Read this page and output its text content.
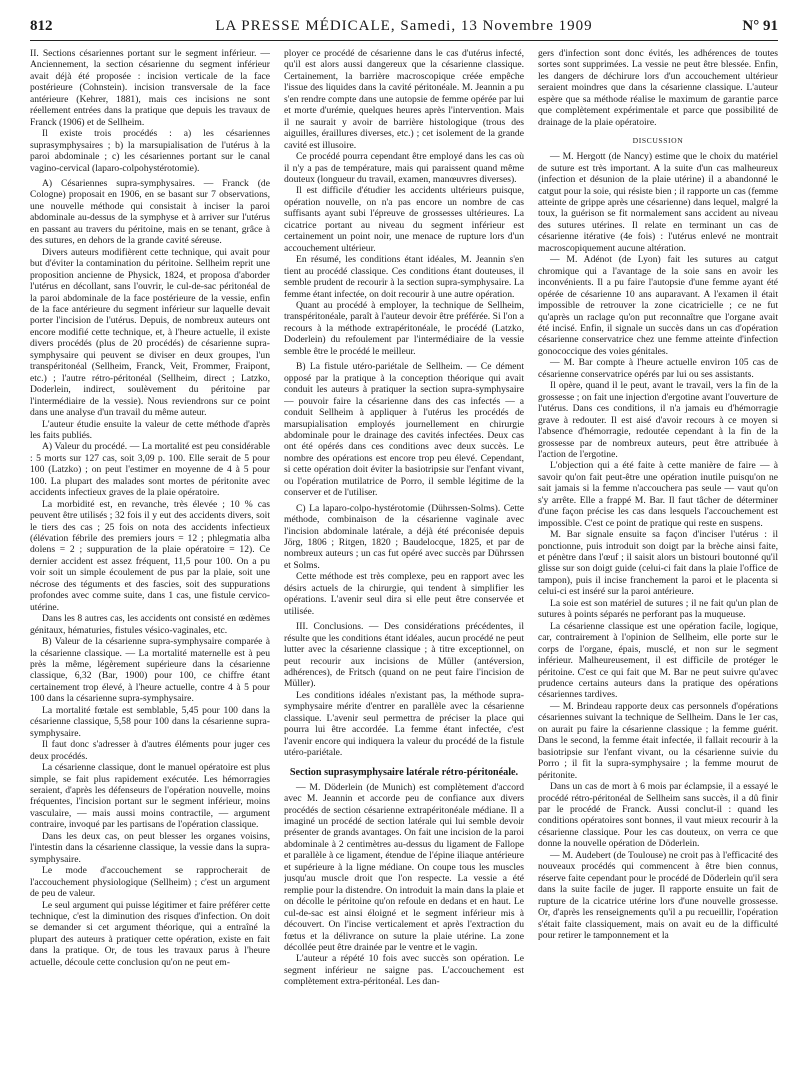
812	LA PRESSE MÉDICALE, Samedi, 13 Novembre 1909	N° 91

II. Sections césariennes portant sur le segment inférieur. — Anciennement, la section césarienne du segment inférieur avait déjà été proposée : incision verticale de la face postérieure (Cohnstein). incision transversale de la face antérieure (Kehrer, 1881), mais ces incisions ne sont réellement entrées dans la pratique que depuis les travaux de Franck (1906) et de Sellheim.

Il existe trois procédés : a) les césariennes suprasymphysaires ; b) la marsupialisation de l'utérus à la paroi abdominale ; c) les césariennes portant sur le canal vagino-cervical (laparo-colpohystérotomie).

A) Césariennes supra-symphysaires. — Franck (de Cologne) proposait en 1906, en se basant sur 7 observations, une nouvelle méthode qui consistait à inciser la paroi abdominale au-dessus de la symphyse et à arriver sur l'utérus en passant au travers du péritoine, mais en se tenant, grâce à des sutures, en dehors de la grande cavité séreuse.

Divers auteurs modifièrent cette technique, qui avait pour but d'éviter la contamination du péritoine. Sellheim reprit une proposition ancienne de Physick, 1824, et proposa d'aborder l'utérus en décollant, sans l'ouvrir, le cul-de-sac péritonéal de la paroi abdominale de la face postérieure de la vessie, enfin de la face antérieure du segment inférieur sur laquelle devait porter l'incision de l'utérus. Depuis, de nombreux auteurs ont encore modifié cette technique, et, à l'heure actuelle, il existe divers procédés (plus de 20 procédés) de césarienne supra-symphysaire qui peuvent se diviser en deux groupes, l'un transpéritonéal (Sellheim, Franck, Veit, Frommer, Fraipont, etc.) ; l'autre rétro-péritonéal (Sellheim, direct ; Latzko, Doderlein, indirect, soulèvement du péritoine par l'intermédiaire de la vessie). Nous reviendrons sur ce point dans une analyse d'un travail du même auteur.

L'auteur étudie ensuite la valeur de cette méthode d'après les faits publiés.

A) Valeur du procédé. — La mortalité est peu considérable : 5 morts sur 127 cas, soit 3,09 p. 100. Elle serait de 5 pour 100 (Latzko) ; on peut l'estimer en moyenne de 4 à 5 pour 100. La plupart des malades sont mortes de péritonite avec accidents infectieux graves de la plaie opératoire.

La morbidité est, en revanche, très élevée ; 10 % cas peuvent être utilisés ; 32 fois il y eut des accidents divers, soit le tiers des cas ; 25 fois on nota des accidents infectieux (élévation fébrile des premiers jours = 12 ; phlegmatia alba dolens = 2 ; suppuration de la plaie opératoire = 12). Ce dernier accident est assez fréquent, 11,5 pour 100. On a pu voir soit un simple écoulement de pus par la plaie, soit une nécrose des téguments et des fascies, soit des suppurations profondes avec comme suite, dans 1 cas, une fistule cervico-utérine.

Dans les 8 autres cas, les accidents ont consisté en œdèmes génitaux, hématuries, fistules vésico-vaginales, etc.

B) Valeur de la césarienne supra-symphysaire comparée à la césarienne classique. — La mortalité maternelle est à peu près la même, légèrement supérieure dans la césarienne classique, 6,32 (Bar, 1900) pour 100, ce chiffre étant certainement trop élevé, à l'heure actuelle, contre 4 à 5 pour 100 dans la césarienne supra-symphysaire.

La mortalité fœtale est semblable, 5,45 pour 100 dans la césarienne classique, 5,58 pour 100 dans la césarienne supra-symphysaire.

Il faut donc s'adresser à d'autres éléments pour juger ces deux procédés.

La césarienne classique, dont le manuel opératoire est plus simple, se fait plus rapidement exécutée. Les hémorragies seraient, d'après les défenseurs de l'opération nouvelle, moins fréquentes, l'incision portant sur le segment inférieur, moins vasculaire, — mais aussi moins contractile, — argument contraire, invoqué par les partisans de l'opération classique.

Dans les deux cas, on peut blesser les organes voisins, l'intestin dans la césarienne classique, la vessie dans la supra-symphysaire.

Le mode d'accouchement se rapprocherait de l'accouchement physiologique (Sellheim) ; c'est un argument de peu de valeur.

Le seul argument qui puisse légitimer et faire préférer cette technique, c'est la diminution des risques d'infection. On doit se demander si cet argument théorique, qui a entraîné la plupart des auteurs à pratiquer cette opération, existe en fait dans la pratique. Or, de tous les travaux parus à l'heure actuelle, découle cette conclusion qu'on ne peut em-

ployer ce procédé de césarienne dans le cas d'utérus infecté, qu'il est alors aussi dangereux que la césarienne classique. Certainement, la barrière macroscopique créée empêche l'issue des liquides dans la cavité péritonéale. M. Jeannin a pu s'en rendre compte dans une autopsie de femme opérée par lui et morte d'urémie, quelques heures après l'intervention. Mais il ne saurait y avoir de barrière histologique (trous des aiguilles, éraillures diverses, etc.) ; cet isolement de la grande cavité est illusoire.

Ce procédé pourra cependant être employé dans les cas où il n'y a pas de température, mais qui paraissent quand même douteux (longueur du travail, examen, manœuvres diverses).

Il est difficile d'étudier les accidents ultérieurs puisque, opération nouvelle, on n'a pas encore un nombre de cas suffisants ayant subi l'épreuve de grossesses ultérieures. La cicatrice portant au niveau du segment inférieur est certainement un point noir, une menace de rupture lors d'un accouchement ultérieur.

En résumé, les conditions étant idéales, M. Jeannin s'en tient au procédé classique. Ces conditions étant douteuses, il semble prudent de recourir à la section supra-symphysaire. La femme étant infectée, on doit recourir à une autre opération.

Quant au procédé à employer, la technique de Sellheim, transpéritonéale, paraît à l'auteur devoir être préférée. Si l'on a recours à la méthode extrapéritonéale, le procédé (Latzko, Doderlein) du refoulement par l'intermédiaire de la vessie semble être le procédé le meilleur.

B) La fistule utéro-pariétale de Sellheim. — Ce dément opposé par la pratique à la conception théorique qui avait conduit les auteurs à pratiquer la section supra-symphysaire — pouvoir faire la césarienne dans des cas infectés — a conduit Sellheim à appliquer à l'utérus les procédés de marsupialisation employés journellement en chirurgie abdominale pour le drainage des cavités infectées. Deux cas ont été opérés dans ces conditions avec deux succès. Le nombre des opérations est encore trop peu élevé. Cependant, si cette opération doit éviter la basiotripsie sur l'enfant vivant, ou l'opération mutilatrice de Porro, il semble légitime de la conserver et de l'utiliser.

C) La laparo-colpo-hystérotomie (Dührssen-Solms). Cette méthode, combinaison de la césarienne vaginale avec l'incision abdominale latérale, a déjà été préconisée depuis Jörg, 1806 ; Ritgen, 1820 ; Baudelocque, 1825, et par de nombreux auteurs ; un cas fut opéré avec succès par Dührssen et Solms.

Cette méthode est très complexe, peu en rapport avec les désirs actuels de la chirurgie, qui tendent à simplifier les opérations. L'avenir seul dira si elle peut être conservée et utilisée.

III. Conclusions. — Des considérations précédentes, il résulte que les conditions étant idéales, aucun procédé ne peut lutter avec la césarienne classique ; à titre exceptionnel, on peut recourir aux incisions de Müller (antéversion, adhérences), de Fritsch (quand on ne peut faire l'incision de Müller).

Les conditions idéales n'existant pas, la méthode supra-symphysaire mérite d'entrer en parallèle avec la césarienne classique. L'avenir seul permettra de préciser la place qui pourra lui être accordée. La femme étant infectée, c'est l'avenir encore qui indiquera la valeur du procédé de la fistule utéro-pariétale.

Section suprasymphysaire latérale rétro-péritonéale.

— M. Döderlein (de Munich) est complètement d'accord avec M. Jeannin et accorde peu de confiance aux divers procédés de section césarienne extrapéritonéale médiane. Il a imaginé un procédé de section latérale qui lui semble devoir présenter de grands avantages. On fait une incision de la paroi abdominale à 2 centimètres au-dessus du ligament de Fallope et parallèle à ce ligament, étendue de l'épine iliaque antérieure et supérieure à la ligne médiane. On coupe tous les muscles jusqu'au muscle droit que l'on respecte. La vessie a été remplie pour la distendre. On introduit la main dans la plaie et on décolle le péritoine qu'on refoule en dedans et en haut. Le cul-de-sac est ainsi éloigné et le segment inférieur mis à découvert. On l'incise verticalement et après l'extraction du fœtus et la délivrance on suture la plaie utérine. La zone décollée peut être drainée par le ventre et le vagin.

L'auteur a répété 10 fois avec succès son opération. Le segment inférieur ne saigne pas. L'accouchement est complètement extra-péritonéal. Les dan-

gers d'infection sont donc évités, les adhérences de toutes sortes sont supprimées. La vessie ne peut être blessée. Enfin, les dangers de déchirure lors d'un accouchement ultérieur seraient moindres que dans la césarienne classique. L'auteur espère que sa méthode réalise le maximum de garantie parce que complètement expérimentale et parce que possibilité de drainage de la plaie opératoire.

DISCUSSION

— M. Hergott (de Nancy) estime que le choix du matériel de suture est très important. A la suite d'un cas malheureux (infection et désunion de la plaie utérine) il a abandonné le catgut pour la soie, qui résiste bien ; il rapporte un cas (femme atteinte de grippe après une césarienne) dans lequel, malgré la toux, la guérison se fit normalement sans accident au niveau des sutures utérines. Il relate en terminant un cas de césarienne itérative (4e fois) : l'utérus enlevé ne montrait macroscopiquement aucune altération.

— M. Adénot (de Lyon) fait les sutures au catgut chromique qui a l'avantage de la soie sans en avoir les inconvénients. Il a pu faire l'autopsie d'une femme ayant été opérée de césarienne 10 ans auparavant. A l'examen il était impossible de retrouver la zone cicatricielle ; ce ne fut qu'après un raclage qu'on put reconnaître que l'organe avait été incisé. Enfin, il signale un succès dans un cas d'opération césarienne conservatrice chez une femme atteinte d'infection gonococcique des voies génitales.

— M. Bar compte à l'heure actuelle environ 105 cas de césarienne conservatrice opérés par lui ou ses assistants.

Il opère, quand il le peut, avant le travail, vers la fin de la grossesse ; on fait une injection d'ergotine avant l'ouverture de l'utérus. Dans ces conditions, il n'a jamais eu d'hémorragie grave à redouter. Il est aisé d'avoir recours à ce moyen si l'absence d'hémorragie, redoutée cependant à la fin de la grossesse par de nombreux auteurs, peut être attribuée à l'action de l'ergotine.

L'objection qui a été faite à cette manière de faire — à savoir qu'on fait peut-être une opération inutile puisqu'on ne sait jamais si la femme n'accouchera pas seule — vaut qu'on s'y arrête. Elle a frappé M. Bar. Il faut tâcher de déterminer d'une façon précise les cas dans lesquels l'accouchement est impossible. C'est ce point de pratique qui reste en suspens.

M. Bar signale ensuite sa façon d'inciser l'utérus : il ponctionne, puis introduit son doigt par la brèche ainsi faite, et pénètre dans l'œuf ; il saisit alors un bistouri boutonné qu'il glisse sur son doigt guide (celui-ci fait dans la plaie l'office de tampon), puis il incise franchement la paroi et le placenta si celui-ci est inséré sur la paroi antérieure.

La soie est son matériel de sutures ; il ne fait qu'un plan de sutures à points séparés ne perforant pas la muqueuse.

La césarienne classique est une opération facile, logique, car, contrairement à l'opinion de Sellheim, elle porte sur le corps de l'organe, épais, musclé, et non sur le segment inférieur. Malheureusement, il est difficile de protéger le péritoine. C'est ce qui fait que M. Bar ne peut suivre qu'avec prudence certains auteurs dans la pratique des opérations césariennes tardives.

— M. Brindeau rapporte deux cas personnels d'opérations césariennes suivant la technique de Sellheim. Dans le 1er cas, on aurait pu faire la césarienne classique ; la femme guérit. Dans le second, la femme était infectée, il fallait recourir à la basiotripsie sur l'enfant vivant, ou la césarienne suivie du Porro ; il fit la supra-symphysaire ; la femme mourut de péritonite.

Dans un cas de mort à 6 mois par éclampsie, il a essayé le procédé rétro-péritonéal de Sellheim sans succès, il a dû finir par le procédé de Franck. Aussi conclut-il : quand les conditions opératoires sont bonnes, il vaut mieux recourir à la césarienne classique. Pour les cas douteux, on verra ce que donne la nouvelle opération de Döderlein.

— M. Audebert (de Toulouse) ne croit pas à l'efficacité des nouveaux procédés qui commencent à être bien connus, réserve faite cependant pour le procédé de Döderlein qu'il sera dans la suite facile de juger. Il rapporte ensuite un fait de rupture de la cicatrice utérine lors d'une nouvelle grossesse. Or, d'après les renseignements qu'il a pu recueillir, l'opération s'était faite classiquement, mais on avait eu de la difficulté pour retirer le tamponnement et la
